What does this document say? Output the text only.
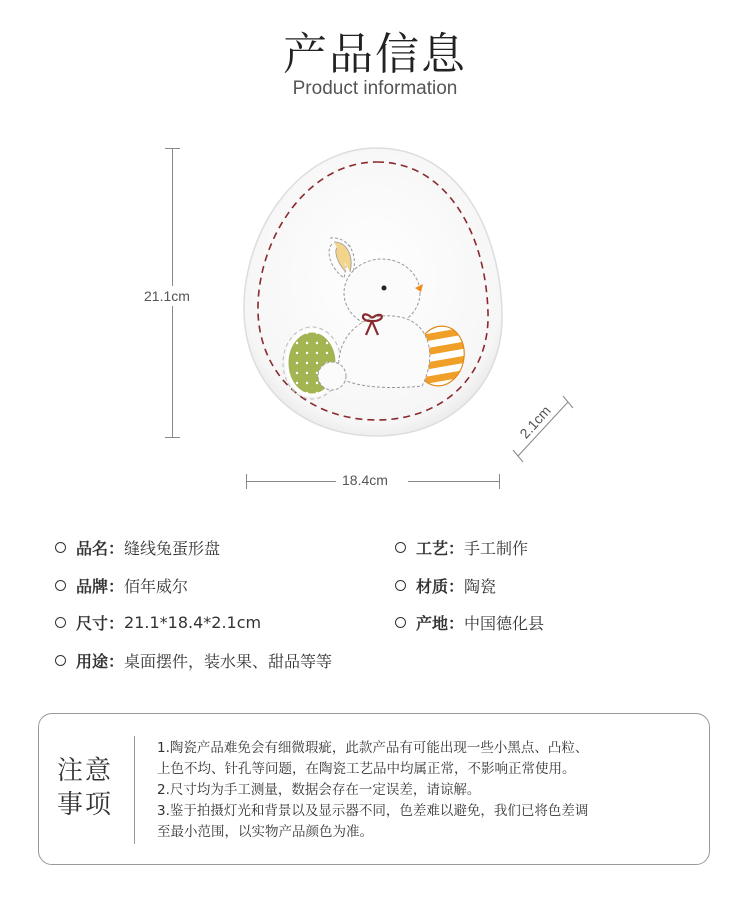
产品信息
Product information
21.1cm
18.4cm
2.1cm
品名： 缝线兔蛋形盘	工艺： 手工制作
品牌： 佰年威尔	材质： 陶瓷
尺寸： 21.1*18.4*2.1cm	产地： 中国德化县
用途： 桌面摆件，装水果、甜品等等
注意
事项
1.陶瓷产品难免会有细微瑕疵，此款产品有可能出现一些小黑点、凸粒、
上色不均、针孔等问题，在陶瓷工艺品中均属正常，不影响正常使用。
2.尺寸均为手工测量，数据会存在一定误差，请谅解。
3.鉴于拍摄灯光和背景以及显示器不同，色差难以避免，我们已将色差调
至最小范围，以实物产品颜色为准。
